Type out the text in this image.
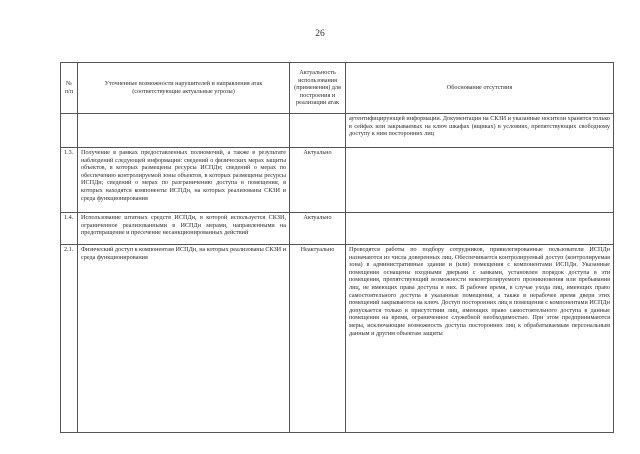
26
№ п/п	Уточненные возможности нарушителей и направления атак (соответствующие актуальные угрозы)	Актуальность использования (применения) для построения и реализации атак	Обоснование отсутствия
			аутентифицирующей информации. Документация на СКЗИ и указанные носители хранятся только в сейфах или закрываемых на ключ шкафах (ящиках) в условиях, препятствующих свободному доступу к ним посторонних лиц
1.3.	Получение в рамках предоставленных полномочий, а также в результате наблюдений следующей информации: сведений о физических мерах защиты объектов, в которых размещены ресурсы ИСПДн; сведений о мерах по обеспечению контролируемой зоны объектов, в которых размещены ресурсы ИСПДн; сведений о мерах по разграничению доступа в помещения, в которых находятся компоненты ИСПДн, на которых реализованы СКЗИ и среда функционирования	Актуально	
1.4.	Использование штатных средств ИСПДн, в которой используется СКЗИ, ограниченное реализованными в ИСПДн мерами, направленными на предотвращение и пресечение несанкционированных действий	Актуально	
2.1.	Физический доступ к компонентам ИСПДн, на которых реализованы СКЗИ и среда функционирования	Неактуально	Проводятся работы по подбору сотрудников, привилегированные пользователи ИСПДн назначаются из числа доверенных лиц. Обеспечивается контролируемый доступ (контролируемая зона) в административные здания и (или) помещения с компонентами ИСПДн. Указанные помещения оснащены входными дверьми с замками, установлен порядок доступа в эти помещения, препятствующий возможности неконтролируемого проникновения или пребывания лиц, не имеющих права доступа в них. В рабочее время, в случае ухода лиц, имеющих право самостоятельного доступа в указанные помещения, а также в нерабочее время двери этих помещений закрываются на ключ. Доступ посторонних лиц в помещения с компонентами ИСПДн допускается только в присутствии лиц, имеющих право самостоятельного доступа в данные помещения на время, ограниченное служебной необходимостью. При этом предпринимаются меры, исключающие возможность доступа посторонних лиц к обрабатываемым персональным данным и другим объектам защиты
